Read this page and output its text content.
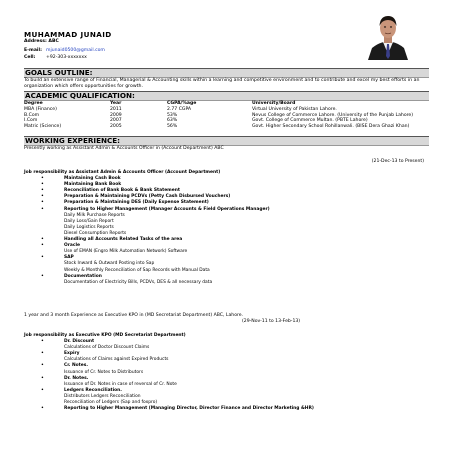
MUHAMMAD JUNAID
Address: ABC
E-mail: mjunaid0500@gmail.com
Cell: +92-303-xxxxxxx
GOALS OUTLINE:
To build an extensive range of Financial, Managerial & Accounting skills within a learning and competitive environment and to contribute and excel my best efforts in an organization which offers opportunities for growth.
ACADEMIC QUALIFICATION:
Degree	Year	CGPA/%age	University/Board
MBA (Finance)	2011	2.77 CGPA	Virtual University of Pakistan Lahore.
B.Com	2009	53%	Nevus College of Commerce Lahore. (University of the Punjab Lahore)
I.Com	2007	63%	Govt. College of Commerce Multan. (PBTE Lahore)
Matric (Science)	2005	56%	Govt. Higher Secondary School Rohillanwali. (BISE Dera Ghazi Khan)
WORKING EXPERIENCE:
Presently working as Assistant Admin & Accounts Officer in (Account Department) ABC
(21-Dec-13 to Present)
Job responsibility as Assistant Admin & Accounts Officer (Account Department)
• Maintaining Cash Book
• Maintaining Bank Book
• Reconciliation of Bank Book & Bank Statement
• Preparation & Maintaining PCDVs (Petty Cash Disbursed Vouchers)
• Preparation & Maintaining DES (Daily Expense Statement)
• Reporting to Higher Management (Manager Accounts & Field Operations Manager)
Daily Milk Purchase Reports
Daily Loss/Gain Report
Daily Logistics Reports
Diesel Consumption Reports
• Handling all Accounts Related Tasks of the area
• Oracle
Use of EMAN (Engro Milk Automation Network) Software
• SAP
Stock Inward & Outward Posting into Sap
Weekly & Monthly Reconciliation of Sap Records with Manual Data
• Documentation
Documentation of Electricity Bills, PCDVs, DES & all necessary data
1 year and 3 month Experience as Executive KPO in (MD Secretariat Department) ABC, Lahore.
(29-Nov-11 to 13-Feb-13)
Job responsibility as Executive KPO (MD Secretariat Department)
• Dr. Discount
Calculations of Doctor Discount Claims
• Expiry
Calculations of Claims against Expired Products
• Cr. Notes.
Issuance of Cr. Notes to Distributors
• Dr. Notes.
Issuance of Dr. Notes in case of reversal of Cr. Note
• Ledgers Reconciliation.
Distributors Ledgers Reconciliation
Reconciliation of Ledgers (Sap and foxpro)
• Reporting to Higher Management (Managing Director, Director Finance and Director Marketing &HR)
